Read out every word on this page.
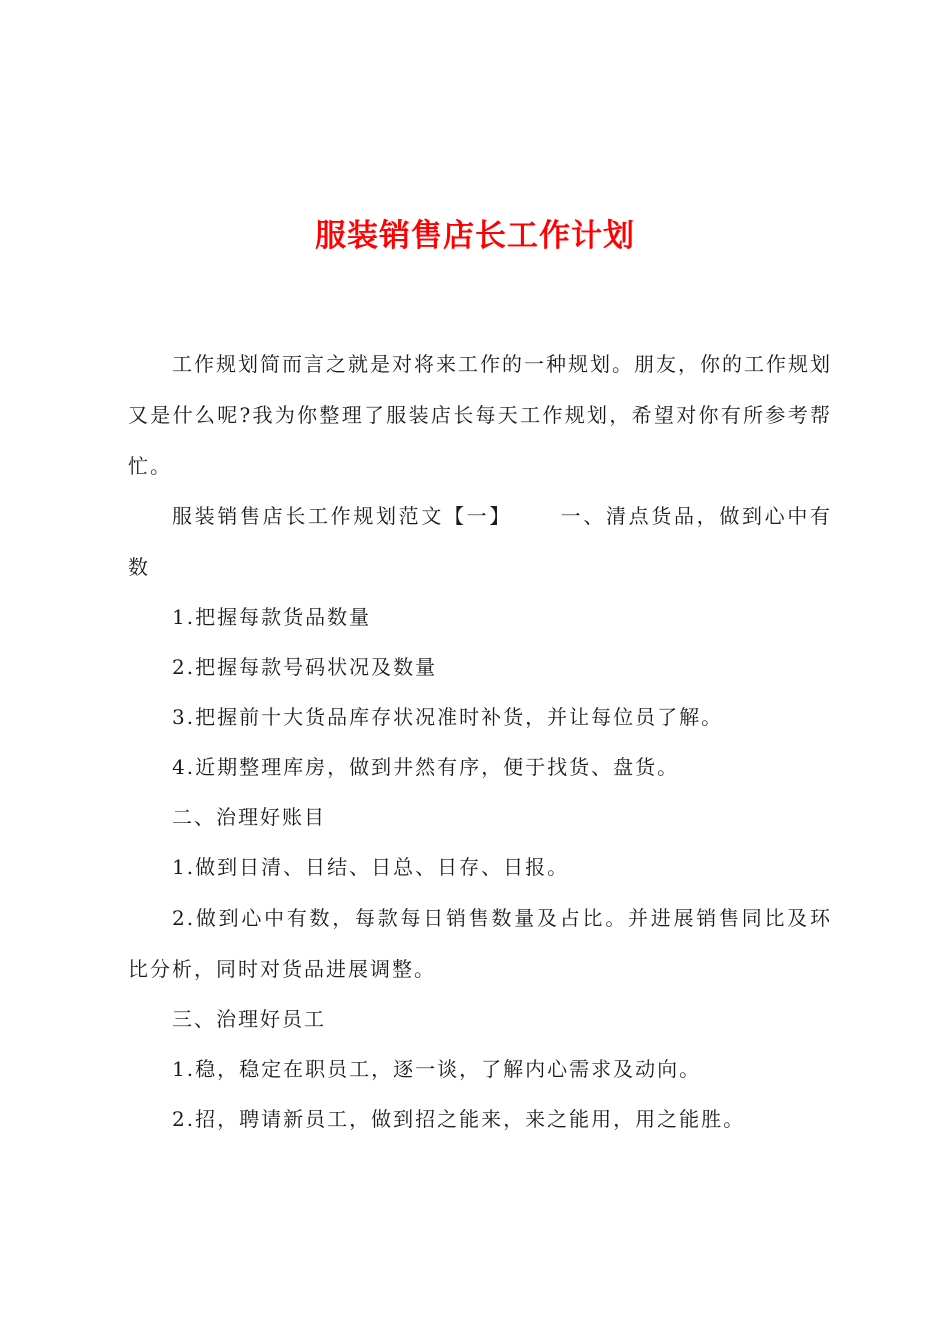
服装销售店长工作计划

工作规划简而言之就是对将来工作的一种规划。朋友，你的工作规划又是什么呢?我为你整理了服装店长每天工作规划，希望对你有所参考帮忙。

服装销售店长工作规划范文【一】 一、清点货品，做到心中有数

1.把握每款货品数量

2.把握每款号码状况及数量

3.把握前十大货品库存状况准时补货，并让每位员了解。

4.近期整理库房，做到井然有序，便于找货、盘货。

二、治理好账目

1.做到日清、日结、日总、日存、日报。

2.做到心中有数，每款每日销售数量及占比。并进展销售同比及环比分析，同时对货品进展调整。

三、治理好员工

1.稳，稳定在职员工，逐一谈，了解内心需求及动向。

2.招，聘请新员工，做到招之能来，来之能用，用之能胜。
